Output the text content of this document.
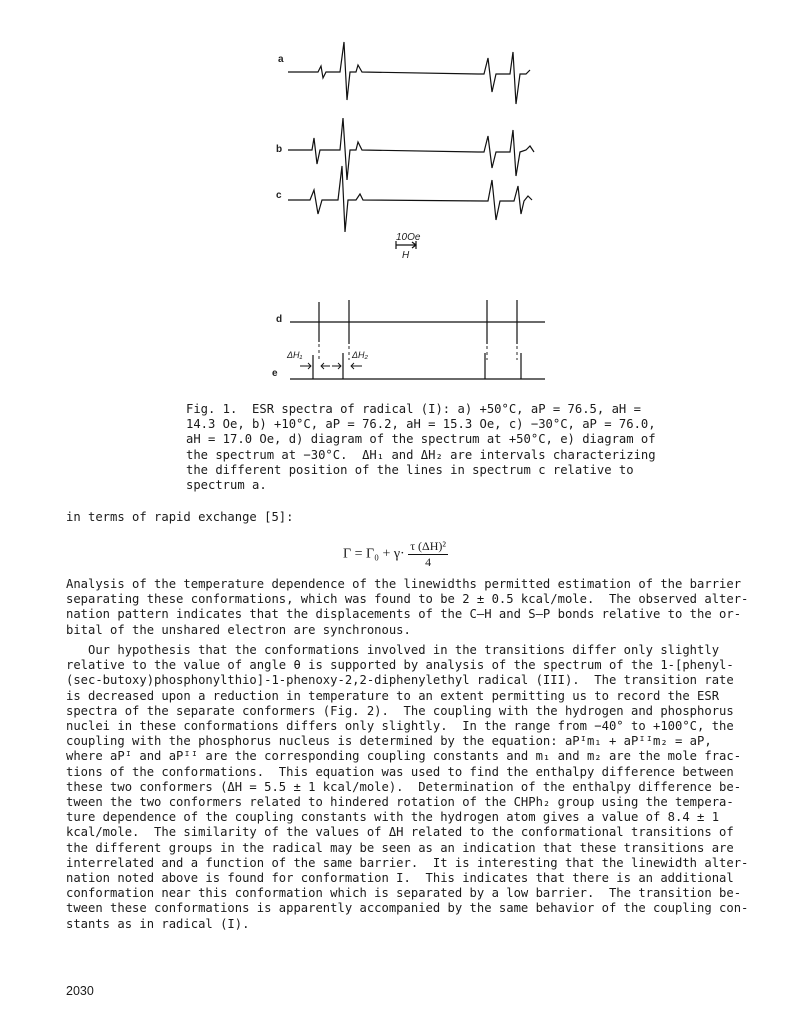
a
b
c
d
e
10Oe
H
ΔH₁	ΔH₂
Fig. 1.  ESR spectra of radical (I): a) +50°C, aP = 76.5, aH =
14.3 Oe, b) +10°C, aP = 76.2, aH = 15.3 Oe, c) −30°C, aP = 76.0,
aH = 17.0 Oe, d) diagram of the spectrum at +50°C, e) diagram of
the spectrum at −30°C.  ΔH₁ and ΔH₂ are intervals characterizing
the different position of the lines in spectrum c relative to
spectrum a.
in terms of rapid exchange [5]:
$\Gamma = \Gamma_0 + \gamma\cdot \frac{\text{τ (ΔH)²}}{4}$
Analysis of the temperature dependence of the linewidths permitted estimation of the barrier
separating these conformations, which was found to be 2 ± 0.5 kcal/mole.  The observed alter-
nation pattern indicates that the displacements of the C–H and S–P bonds relative to the or-
bital of the unshared electron are synchronous.
Our hypothesis that the conformations involved in the transitions differ only slightly
relative to the value of angle θ is supported by analysis of the spectrum of the 1-[phenyl-
(sec-butoxy)phosphonylthio]-1-phenoxy-2,2-diphenylethyl radical (III).  The transition rate
is decreased upon a reduction in temperature to an extent permitting us to record the ESR
spectra of the separate conformers (Fig. 2).  The coupling with the hydrogen and phosphorus
nuclei in these conformations differs only slightly.  In the range from −40° to +100°C, the
coupling with the phosphorus nucleus is determined by the equation: aPᴵm₁ + aPᴵᴵm₂ = aP,
where aPᴵ and aPᴵᴵ are the corresponding coupling constants and m₁ and m₂ are the mole frac-
tions of the conformations.  This equation was used to find the enthalpy difference between
these two conformers (ΔH = 5.5 ± 1 kcal/mole).  Determination of the enthalpy difference be-
tween the two conformers related to hindered rotation of the CHPh₂ group using the tempera-
ture dependence of the coupling constants with the hydrogen atom gives a value of 8.4 ± 1
kcal/mole.  The similarity of the values of ΔH related to the conformational transitions of
the different groups in the radical may be seen as an indication that these transitions are
interrelated and a function of the same barrier.  It is interesting that the linewidth alter-
nation noted above is found for conformation I.  This indicates that there is an additional
conformation near this conformation which is separated by a low barrier.  The transition be-
tween these conformations is apparently accompanied by the same behavior of the coupling con-
stants as in radical (I).
2030
